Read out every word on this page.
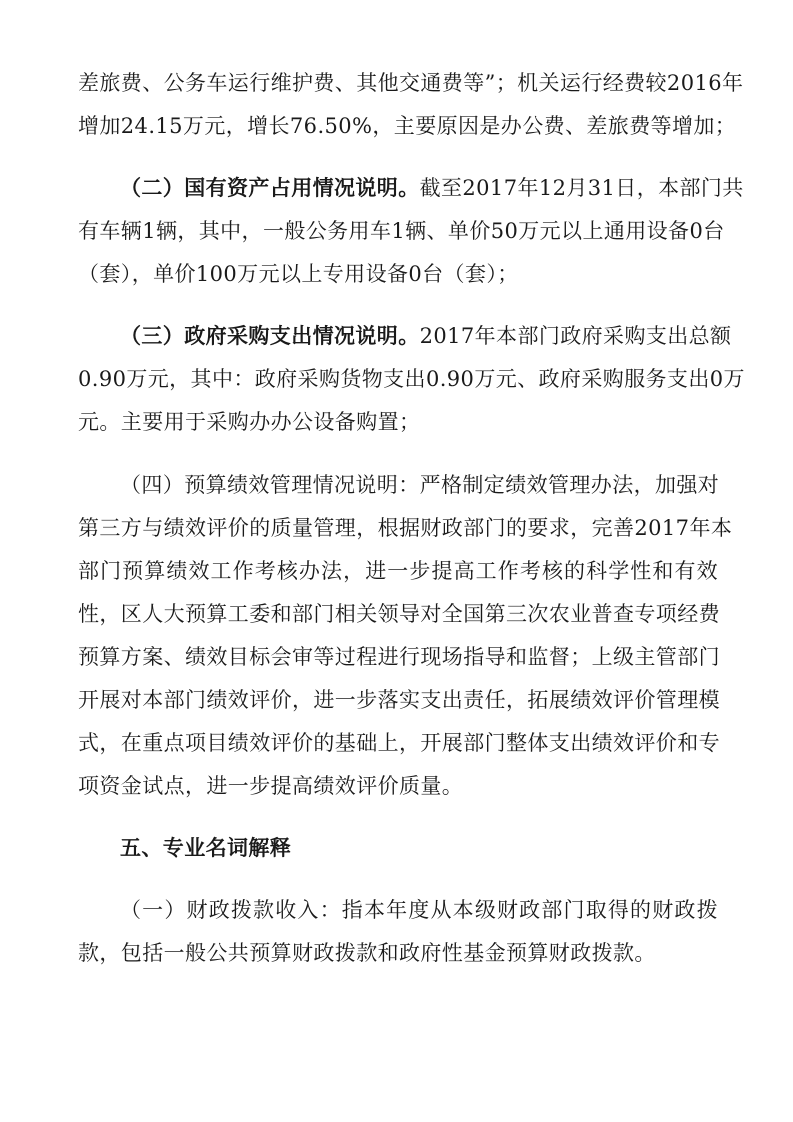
差旅费、公务车运行维护费、其他交通费等”；机关运行经费较2016年
增加24.15万元，增长76.50%，主要原因是办公费、差旅费等增加；
（二）国有资产占用情况说明。截至2017年12月31日，本部门共
有车辆1辆，其中，一般公务用车1辆、单价50万元以上通用设备0台
（套），单价100万元以上专用设备0台（套）；
（三）政府采购支出情况说明。2017年本部门政府采购支出总额
0.90万元，其中：政府采购货物支出0.90万元、政府采购服务支出0万
元。主要用于采购办办公设备购置；
（四）预算绩效管理情况说明：严格制定绩效管理办法，加强对
第三方与绩效评价的质量管理，根据财政部门的要求，完善2017年本
部门预算绩效工作考核办法，进一步提高工作考核的科学性和有效
性，区人大预算工委和部门相关领导对全国第三次农业普查专项经费
预算方案、绩效目标会审等过程进行现场指导和监督；上级主管部门
开展对本部门绩效评价，进一步落实支出责任，拓展绩效评价管理模
式，在重点项目绩效评价的基础上，开展部门整体支出绩效评价和专
项资金试点，进一步提高绩效评价质量。
五、专业名词解释
（一）财政拨款收入：指本年度从本级财政部门取得的财政拨
款，包括一般公共预算财政拨款和政府性基金预算财政拨款。
